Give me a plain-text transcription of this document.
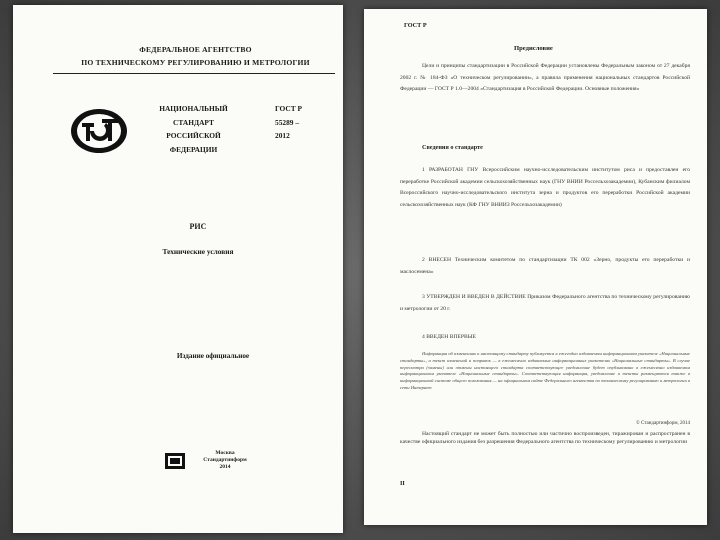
ФЕДЕРАЛЬНОЕ АГЕНТСТВО
ПО ТЕХНИЧЕСКОМУ РЕГУЛИРОВАНИЮ И МЕТРОЛОГИИ
НАЦИОНАЛЬНЫЙ
СТАНДАРТ
РОССИЙСКОЙ
ФЕДЕРАЦИИ
ГОСТ Р
55289 –
2012
РИС
Технические условия
Издание официальное
Москва
Стандартинформ
2014
ГОСТ Р
Предисловие
Цели и принципы стандартизации в Российской Федерации установлены Федеральным законом от 27 декабря 2002 г. № 184-ФЗ «О техническом регулировании», а правила применения национальных стандартов Российской Федерации — ГОСТ Р 1.0—2004 «Стандартизация в Российской Федерации. Основные положения»
Сведения о стандарте
1 РАЗРАБОТАН ГНУ Всероссийским научно-исследовательским институтом риса и предоставлен его переработке Российской академии сельскохозяйственных наук (ГНУ ВНИИ Россельхозакадемии), Кубанским филиалом Всероссийского научно-исследовательского института зерна и продуктов его переработки Российской академии сельскохозяйственных наук (КФ ГНУ ВНИИЗ Россельхозакадемии)
2 ВНЕСЕН Техническим комитетом по стандартизации ТК 002 «Зерно, продукты его переработки и маслосемена»
3 УТВЕРЖДЕН И ВВЕДЕН В ДЕЙСТВИЕ Приказом Федерального агентства по техническому регулированию и метрологии от 20 г.
4 ВВЕДЕН ВПЕРВЫЕ
Информация об изменениях к настоящему стандарту публикуется в ежегодно издаваемом информационном указателе «Национальные стандарты», а текст изменений и поправок — в ежемесячно издаваемых информационных указателях «Национальные стандарты». В случае пересмотра (замены) или отмены настоящего стандарта соответствующее уведомление будет опубликовано в ежемесячно издаваемом информационном указателе «Национальные стандарты». Соответствующая информация, уведомление и тексты размещаются также в информационной системе общего пользования — на официальном сайте Федерального агентства по техническому регулированию и метрологии в сети Интернет
© Стандартинформ, 2014
Настоящий стандарт не может быть полностью или частично воспроизведен, тиражирован и распространен в качестве официального издания без разрешения Федерального агентства по техническому регулированию и метрологии
II
